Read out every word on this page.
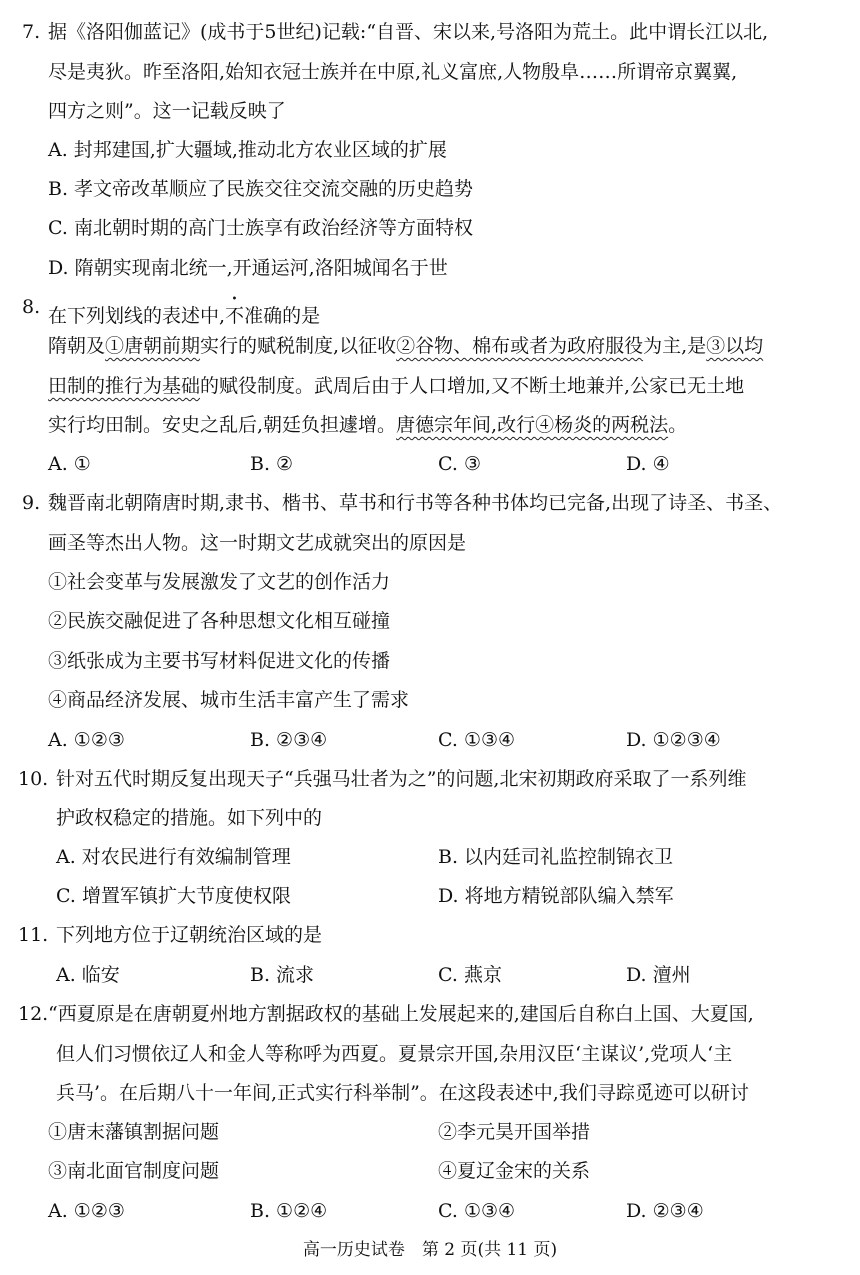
7. 据《洛阳伽蓝记》(成书于5世纪)记载:“自晋、宋以来,号洛阳为荒土。此中谓长江以北,
尽是夷狄。昨至洛阳,始知衣冠士族并在中原,礼义富庶,人物殷阜……所谓帝京翼翼,
四方之则”。这一记载反映了
A. 封邦建国,扩大疆域,推动北方农业区域的扩展
B. 孝文帝改革顺应了民族交往交流交融的历史趋势
C. 南北朝时期的高门士族享有政治经济等方面特权
D. 隋朝实现南北统一,开通运河,洛阳城闻名于世
8. 在下列划线的表述中,不准确的是
隋朝及①唐朝前期实行的赋税制度,以征收②谷物、棉布或者为政府服役为主,是③以均
田制的推行为基础的赋役制度。武周后由于人口增加,又不断土地兼并,公家已无土地
实行均田制。安史之乱后,朝廷负担遽增。唐德宗年间,改行④杨炎的两税法。
A. ①	B. ②	C. ③	D. ④
9. 魏晋南北朝隋唐时期,隶书、楷书、草书和行书等各种书体均已完备,出现了诗圣、书圣、
画圣等杰出人物。这一时期文艺成就突出的原因是
①社会变革与发展激发了文艺的创作活力
②民族交融促进了各种思想文化相互碰撞
③纸张成为主要书写材料促进文化的传播
④商品经济发展、城市生活丰富产生了需求
A. ①②③	B. ②③④	C. ①③④	D. ①②③④
10. 针对五代时期反复出现天子“兵强马壮者为之”的问题,北宋初期政府采取了一系列维
护政权稳定的措施。如下列中的
A. 对农民进行有效编制管理	B. 以内廷司礼监控制锦衣卫
C. 增置军镇扩大节度使权限	D. 将地方精锐部队编入禁军
11. 下列地方位于辽朝统治区域的是
A. 临安	B. 流求	C. 燕京	D. 澶州
12. “西夏原是在唐朝夏州地方割据政权的基础上发展起来的,建国后自称白上国、大夏国,
但人们习惯依辽人和金人等称呼为西夏。夏景宗开国,杂用汉臣‘主谋议’,党项人‘主
兵马’。在后期八十一年间,正式实行科举制”。在这段表述中,我们寻踪觅迹可以研讨
①唐末藩镇割据问题	②李元昊开国举措
③南北面官制度问题	④夏辽金宋的关系
A. ①②③	B. ①②④	C. ①③④	D. ②③④
高一历史试卷　第 2 页(共 11 页)
